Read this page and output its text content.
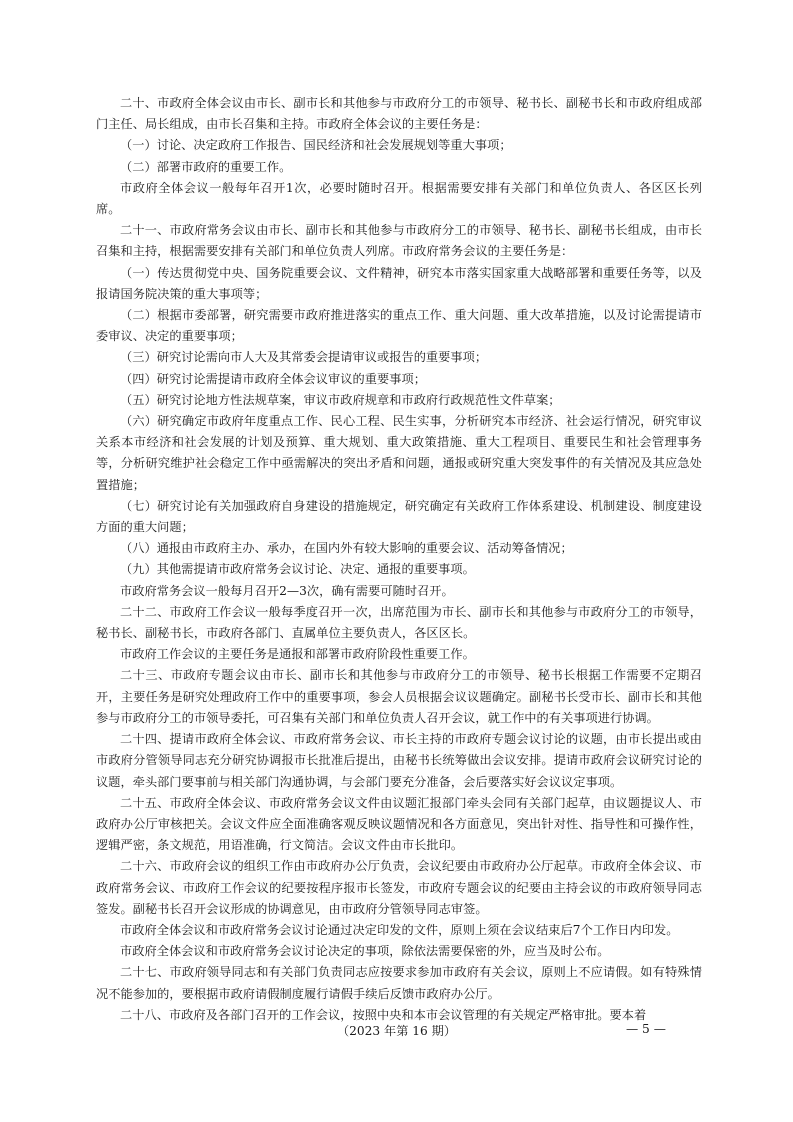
二十、市政府全体会议由市长、副市长和其他参与市政府分工的市领导、秘书长、副秘书长和市政府组成部门主任、局长组成，由市长召集和主持。市政府全体会议的主要任务是：

（一）讨论、决定政府工作报告、国民经济和社会发展规划等重大事项；

（二）部署市政府的重要工作。

市政府全体会议一般每年召开1次，必要时随时召开。根据需要安排有关部门和单位负责人、各区区长列席。

二十一、市政府常务会议由市长、副市长和其他参与市政府分工的市领导、秘书长、副秘书长组成，由市长召集和主持，根据需要安排有关部门和单位负责人列席。市政府常务会议的主要任务是：

（一）传达贯彻党中央、国务院重要会议、文件精神，研究本市落实国家重大战略部署和重要任务等，以及报请国务院决策的重大事项等；

（二）根据市委部署，研究需要市政府推进落实的重点工作、重大问题、重大改革措施，以及讨论需提请市委审议、决定的重要事项；

（三）研究讨论需向市人大及其常委会提请审议或报告的重要事项；

（四）研究讨论需提请市政府全体会议审议的重要事项；

（五）研究讨论地方性法规草案，审议市政府规章和市政府行政规范性文件草案；

（六）研究确定市政府年度重点工作、民心工程、民生实事，分析研究本市经济、社会运行情况，研究审议关系本市经济和社会发展的计划及预算、重大规划、重大政策措施、重大工程项目、重要民生和社会管理事务等，分析研究维护社会稳定工作中亟需解决的突出矛盾和问题，通报或研究重大突发事件的有关情况及其应急处置措施；

（七）研究讨论有关加强政府自身建设的措施规定，研究确定有关政府工作体系建设、机制建设、制度建设方面的重大问题；

（八）通报由市政府主办、承办，在国内外有较大影响的重要会议、活动筹备情况；

（九）其他需提请市政府常务会议讨论、决定、通报的重要事项。

市政府常务会议一般每月召开2—3次，确有需要可随时召开。

二十二、市政府工作会议一般每季度召开一次，出席范围为市长、副市长和其他参与市政府分工的市领导，秘书长、副秘书长，市政府各部门、直属单位主要负责人，各区区长。

市政府工作会议的主要任务是通报和部署市政府阶段性重要工作。

二十三、市政府专题会议由市长、副市长和其他参与市政府分工的市领导、秘书长根据工作需要不定期召开，主要任务是研究处理政府工作中的重要事项，参会人员根据会议议题确定。副秘书长受市长、副市长和其他参与市政府分工的市领导委托，可召集有关部门和单位负责人召开会议，就工作中的有关事项进行协调。

二十四、提请市政府全体会议、市政府常务会议、市长主持的市政府专题会议讨论的议题，由市长提出或由市政府分管领导同志充分研究协调报市长批准后提出，由秘书长统筹做出会议安排。提请市政府会议研究讨论的议题，牵头部门要事前与相关部门沟通协调，与会部门要充分准备，会后要落实好会议议定事项。

二十五、市政府全体会议、市政府常务会议文件由议题汇报部门牵头会同有关部门起草，由议题提议人、市政府办公厅审核把关。会议文件应全面准确客观反映议题情况和各方面意见，突出针对性、指导性和可操作性，逻辑严密，条文规范，用语准确，行文简洁。会议文件由市长批印。

二十六、市政府会议的组织工作由市政府办公厅负责，会议纪要由市政府办公厅起草。市政府全体会议、市政府常务会议、市政府工作会议的纪要按程序报市长签发，市政府专题会议的纪要由主持会议的市政府领导同志签发。副秘书长召开会议形成的协调意见，由市政府分管领导同志审签。

市政府全体会议和市政府常务会议讨论通过决定印发的文件，原则上须在会议结束后7个工作日内印发。

市政府全体会议和市政府常务会议讨论决定的事项，除依法需要保密的外，应当及时公布。

二十七、市政府领导同志和有关部门负责同志应按要求参加市政府有关会议，原则上不应请假。如有特殊情况不能参加的，要根据市政府请假制度履行请假手续后反馈市政府办公厅。

二十八、市政府及各部门召开的工作会议，按照中央和本市会议管理的有关规定严格审批。要本着

（2023 年第 16 期）	— 5 —
